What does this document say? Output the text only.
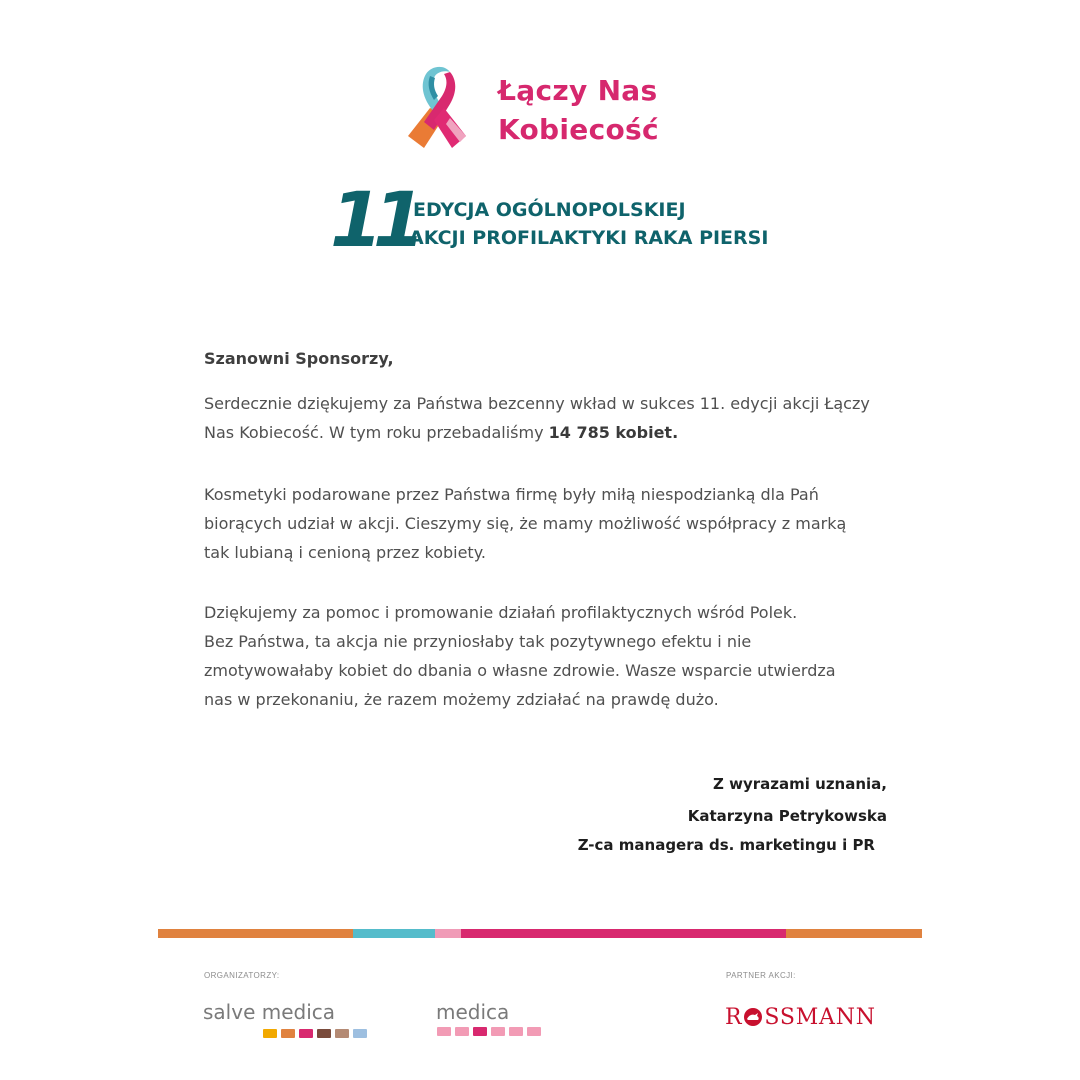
Łączy Nas
Kobiecość
11
EDYCJA OGÓLNOPOLSKIEJ
AKCJI PROFILAKTYKI RAKA PIERSI
Szanowni Sponsorzy,
Serdecznie dziękujemy za Państwa bezcenny wkład w sukces 11. edycji akcji Łączy
Nas Kobiecość. W tym roku przebadaliśmy 14 785 kobiet.
Kosmetyki podarowane przez Państwa firmę były miłą niespodzianką dla Pań
biorących udział w akcji. Cieszymy się, że mamy możliwość współpracy z marką
tak lubianą i cenioną przez kobiety.
Dziękujemy za pomoc i promowanie działań profilaktycznych wśród Polek.
Bez Państwa, ta akcja nie przyniosłaby tak pozytywnego efektu i nie
zmotywowałaby kobiet do dbania o własne zdrowie. Wasze wsparcie utwierdza
nas w przekonaniu, że razem możemy zdziałać na prawdę dużo.
Z wyrazami uznania,
Katarzyna Petrykowska
Z-ca managera ds. marketingu i PR
ORGANIZATORZY:	PARTNER AKCJI:
salve medica	medica	R SSMANN
